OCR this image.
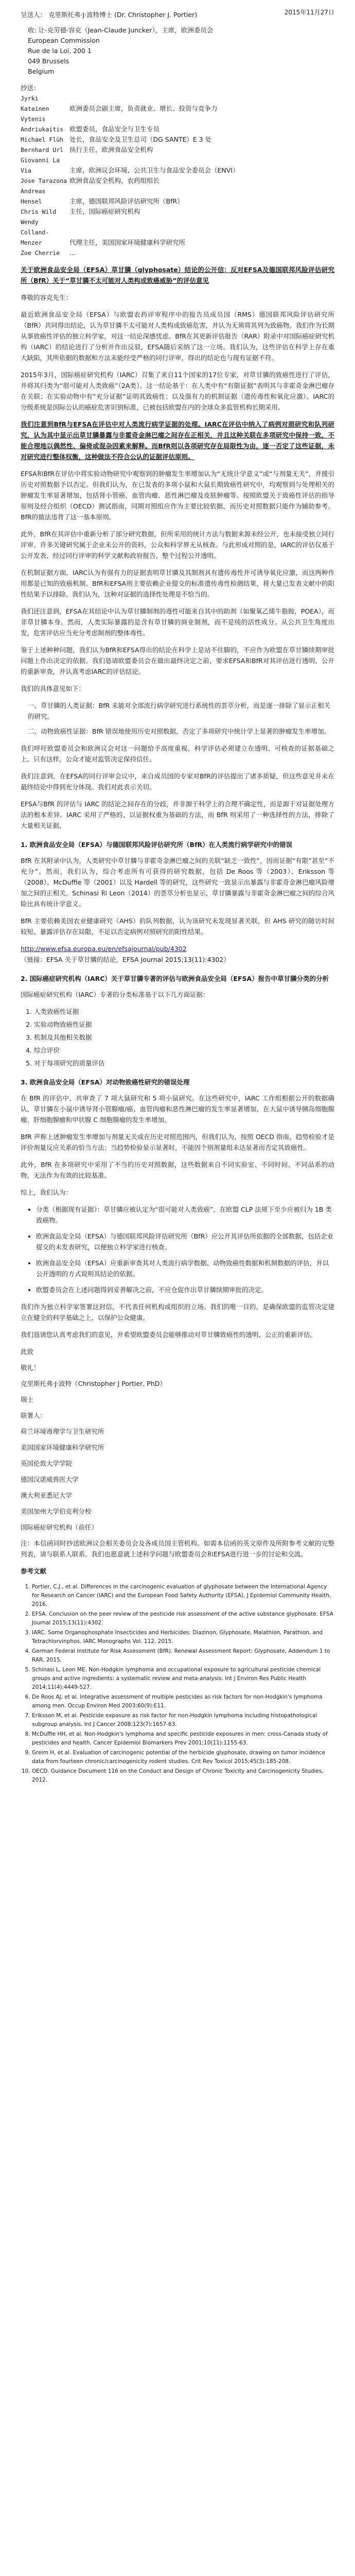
2015年11月27日

呈送人： 克里斯托弗·J·波特博士 (Dr. Christopher J. Portier)

收: 让-克劳德·容克（Jean-Claude Juncker），主席，欧洲委员会
European Commission
Rue de la Loi, 200 1
049 Brussels
Belgium
抄送：
Jyrki Katainen	欧洲委员会副主席，负责就业、增长、投资与竞争力
Vytenis Andriukaitis 欧盟委员，食品安全与卫生专员
Michael Flüh 处长，食品安全及卫生总司（DG SANTE）E 3 处
Bernhard Url 执行主任，欧洲食品安全机构
Giovanni La Via	主席，欧洲议会环境、公共卫生与食品安全委员会（ENVI）
Jose Tarazona 欧洲食品安全机构，农药组组长
Andreas Hensel	主席，德国联邦风险评估研究所（BfR）
Chris Wild 主任，国际癌症研究机构
Wendy Colland-Menzer	代理主任，美国国家环境健康科学研究所
Zoe Cherrie ...

关于欧洲食品安全局（EFSA）草甘膦（glyphosate）结论的公开信：反对EFSA及德国联邦风险评估研究所（BfR）关于“草甘膦不太可能对人类构成致癌威胁”的评估意见

尊敬的容克先生：

最近欧洲食品安全局（EFSA）与欧盟农药评审程序中的报告员成员国（RMS）德国联邦风险评估研究所（BfR）共同得出结论，认为草甘膦不太可能对人类构成致癌危害，并认为无须将其列为致癌物。我们作为长期从事致癌性评估的独立科学家，对这一结论深感忧虑。BfR在其更新评估报告（RAR）附录中对国际癌症研究机构（IARC）的结论进行了分析并作出反驳，EFSA随后采纳了这一立场。我们认为，这些评估在科学上存在重大缺陷，其所依据的数据和方法未能经受严格的同行评审，得出的结论也与现有证据不符。

2015年3月，国际癌症研究机构（IARC）召集了来自11个国家的17位专家，对草甘膦的致癌性进行了评估，并将其归类为“很可能对人类致癌”（2A类）。这一结论基于：在人类中有“有限证据”表明其与非霍奇金淋巴瘤存在关联；在实验动物中有“充分证据”证明其致癌性；以及强有力的机制证据（遗传毒性和氧化应激）。IARC的分级系统是国际公认的癌症危害识别标准，已被包括欧盟在内的全球众多监管机构长期采用。

我们注意到BfR与EFSA在评估中对人类流行病学证据的处理。IARC在评估中纳入了病例对照研究和队列研究，认为其中显示出草甘膦暴露与非霍奇金淋巴瘤之间存在正相关，并且这种关联在多项研究中保持一致，不能合理地以偶然性、偏倚或混杂因素来解释。而BfR则以各项研究存在局限性为由，逐一否定了这些证据，未对研究进行整体权衡，这种做法不符合公认的证据评估原则。

EFSA和BfR在评估中将实验动物研究中观察到的肿瘤发生率增加认为“无统计学意义”或“与剂量无关”，并援引历史对照数据予以否定。但我们认为，在已发表的多项小鼠和大鼠长期致癌性研究中，均观察到与处理相关的肿瘤发生率显著增加，包括肾小管癌、血管肉瘤、恶性淋巴瘤及皮肤肿瘤等。按照欧盟关于致癌性评估的指导原则及经合组织（OECD）测试指南，同期对照组应作为主要比较依据，而历史对照数据只能作为辅助参考。BfR的做法违背了这一基本原则。

此外，BfR在其评估中重新分析了部分研究数据，但所采用的统计方法与数据来源未经公开，也未接受独立同行评审。许多关键研究属于企业未公开的资料，公众和科学界无从核查。与此形成对照的是，IARC的评估仅基于公开发表、经过同行评审的科学文献和政府报告，整个过程公开透明。

在机制证据方面，IARC认为有强有力的证据表明草甘膦及其制剂具有遗传毒性并可诱导氧化应激，而这两种作用都是已知的致癌机制。BfR和EFSA则主要依赖企业提交的标准遗传毒性检测结果，将大量已发表文献中的阳性结果予以排除。我们认为，这种对证据的选择性处理是不恰当的。

我们还注意到，EFSA在其结论中认为草甘膦制剂的毒性可能来自其中的助剂（如聚氧乙烯牛脂胺，POEA），而非草甘膦本身。然而，人类实际暴露的是含有草甘膦的商业制剂，而不是纯的活性成分。从公共卫生角度出发，危害评估应当充分考虑制剂的整体毒性。

鉴于上述种种问题，我们认为BfR和EFSA得出的结论在科学上是站不住脚的，不应作为欧盟在草甘膦续期审批问题上作出决定的依据。我们恳请欧盟委员会在做出最终决定之前，要求EFSA和BfR对其评估进行透明、公开的重新审查，并认真考虑IARC的评估结论。

我们的具体意见如下：

一、草甘膦的人类证据：BfR 未能对全部流行病学研究进行系统性的荟萃分析，而是逐一排除了显示正相关的研究。
二、动物致癌性证据：BfR 错误地使用历史对照数据，否定了多项研究中统计学上显著的肿瘤发生率增加。

我们呼吁欧盟委员会和欧洲议会对这一问题给予高度重视。科学评估必须建立在透明、可核查的证据基础之上。只有这样，公众才能对监管决定保持信任。

我们注意到，在EFSA的同行评审会议中，来自成员国的专家对BfR的评估提出了诸多质疑，但这些意见并未在最终结论中得到充分体现。我们对此表示关切。

EFSA与BfR 的评估与 IARC 的结论之间存在的分歧，并非源于科学上的合理不确定性，而是源于对证据处理方法的根本差异。IARC 采用了严格的、以证据权重为基础的方法，而 BfR 则采用了一种选择性的方法，排除了大量相关证据。

1. 欧洲食品安全局（EFSA）与德国联邦风险评估研究所（BfR）在人类流行病学研究中的错误

BfR 在其附录中认为，人类研究中草甘膦与非霍奇金淋巴瘤之间的关联“缺乏一致性”，因而证据“有限”甚至“不充分”。然而，我们认为，综合考虑所有可获得的研究数据，包括 De Roos 等（2003）、Eriksson 等（2008）、McDuffie 等（2001）以及 Hardell 等的研究，这些研究一致显示出暴露与非霍奇金淋巴瘤风险增加之间的正相关。Schinasi 和 Leon（2014）的荟萃分析也显示，草甘膦暴露与非霍奇金淋巴瘤之间的综合风险比具有统计学意义。

BfR 主要依赖美国农业健康研究（AHS）的队列数据，认为该研究未发现显著关联，但 AHS 研究的随访时间较短、暴露评估存在局限，不足以否定病例对照研究的阳性结果。

http://www.efsa.europa.eu/en/efsajournal/pub/4302
（链接：EFSA 关于草甘膦的结论，EFSA Journal 2015;13(11):4302）

2. 国际癌症研究机构（IARC）关于草甘膦专著的评估与欧洲食品安全局（EFSA）报告中草甘膦分类的分析

国际癌症研究机构（IARC）专著的分类标准基于以下几方面证据：

1. 人类致癌性证据
2. 实验动物致癌性证据
3. 机制及其他相关数据
4. 综合评价
5. 对于每项研究的质量评估

3. 欧洲食品安全局（EFSA）对动物致癌性研究的错误处理

在 BfR 的评估中，共审查了 7 项大鼠研究和 5 项小鼠研究。在这些研究中，IARC 工作组根据公开的数据确认，草甘膦在小鼠中诱导肾小管腺瘤/癌、血管肉瘤和恶性淋巴瘤的发生率显著增加，在大鼠中诱导胰岛细胞腺瘤、肝细胞腺瘤和甲状腺 C 细胞腺瘤的发生率增加。

BfR 声称上述肿瘤发生率增加与剂量无关或在历史对照范围内，但我们认为，按照 OECD 指南，趋势检验才是评价剂量反应关系的恰当方法；当趋势检验显示显著时，不能因个别剂量组未达显著而否定其致癌性。

此外，BfR 在多项研究中采用了不当的历史对照数据，这些数据来自不同实验室、不同时间、不同品系的动物，无法作为有效的比较基准。

综上，我们认为：

• 分类（根据现有证据）：草甘膦应被认定为“很可能对人类致癌”，在欧盟 CLP 法规下至少应被归为 1B 类致癌物。
• 欧洲食品安全局（EFSA）与德国联邦风险评估研究所（BfR）应公开其评估所依据的全部数据，包括企业提交的未发表研究，以便独立科学家进行核查。
• 欧洲食品安全局（EFSA）应重新审查其对人类流行病学数据、动物致癌性数据和机制数据的评估，并以公开透明的方式说明其结论的依据。
• 欧盟委员会在上述问题得到妥善解决之前，不应仓促作出草甘膦续期审批的决定。

我们作为独立科学家签署这封信，不代表任何机构或组织的立场。我们的唯一目的，是确保欧盟的监管决定建立在健全的科学基础之上，以保护公众健康。

我们恳请您认真考虑我们的意见，并希望欧盟委员会能够推动对草甘膦致癌性的透明、公正的重新评估。

此致

敬礼！

克里斯托弗·J·波特（Christopher J Portier, PhD）

瑞士

联署人：

荷兰环境毒理学与卫生研究所

美国国家环境健康科学研究所

英国伦敦大学学院

德国汉诺威兽医大学

澳大利亚悉尼大学

美国加州大学伯克利分校

国际癌症研究机构（前任）

注：本信函同时抄送欧洲议会相关委员会及各成员国主管机构。如需本信函的英文原件及所附参考文献的完整列表，请与联系人联系。我们也愿意就上述科学问题与欧盟委员会和EFSA进行进一步的讨论和交流。

参考文献

1. Portier, C.J., et al. Differences in the carcinogenic evaluation of glyphosate between the International Agency for Research on Cancer (IARC) and the European Food Safety Authority (EFSA). J Epidemiol Community Health, 2016.
2. EFSA. Conclusion on the peer review of the pesticide risk assessment of the active substance glyphosate. EFSA Journal 2015;13(11):4302.
3. IARC. Some Organophosphate Insecticides and Herbicides: Diazinon, Glyphosate, Malathion, Parathion, and Tetrachlorvinphos. IARC Monographs Vol. 112, 2015.
4. German Federal Institute for Risk Assessment (BfR). Renewal Assessment Report: Glyphosate, Addendum 1 to RAR, 2015.
5. Schinasi L, Leon ME. Non-Hodgkin lymphoma and occupational exposure to agricultural pesticide chemical groups and active ingredients: a systematic review and meta-analysis. Int J Environ Res Public Health 2014;11(4):4449-527.
6. De Roos AJ, et al. Integrative assessment of multiple pesticides as risk factors for non-Hodgkin's lymphoma among men. Occup Environ Med 2003;60(9):E11.
7. Eriksson M, et al. Pesticide exposure as risk factor for non-Hodgkin lymphoma including histopathological subgroup analysis. Int J Cancer 2008;123(7):1657-63.
8. McDuffie HH, et al. Non-Hodgkin's lymphoma and specific pesticide exposures in men: cross-Canada study of pesticides and health. Cancer Epidemiol Biomarkers Prev 2001;10(11):1155-63.
9. Greim H, et al. Evaluation of carcinogenic potential of the herbicide glyphosate, drawing on tumor incidence data from fourteen chronic/carcinogenicity rodent studies. Crit Rev Toxicol 2015;45(3):185-208.
10. OECD. Guidance Document 116 on the Conduct and Design of Chronic Toxicity and Carcinogenicity Studies, 2012.
